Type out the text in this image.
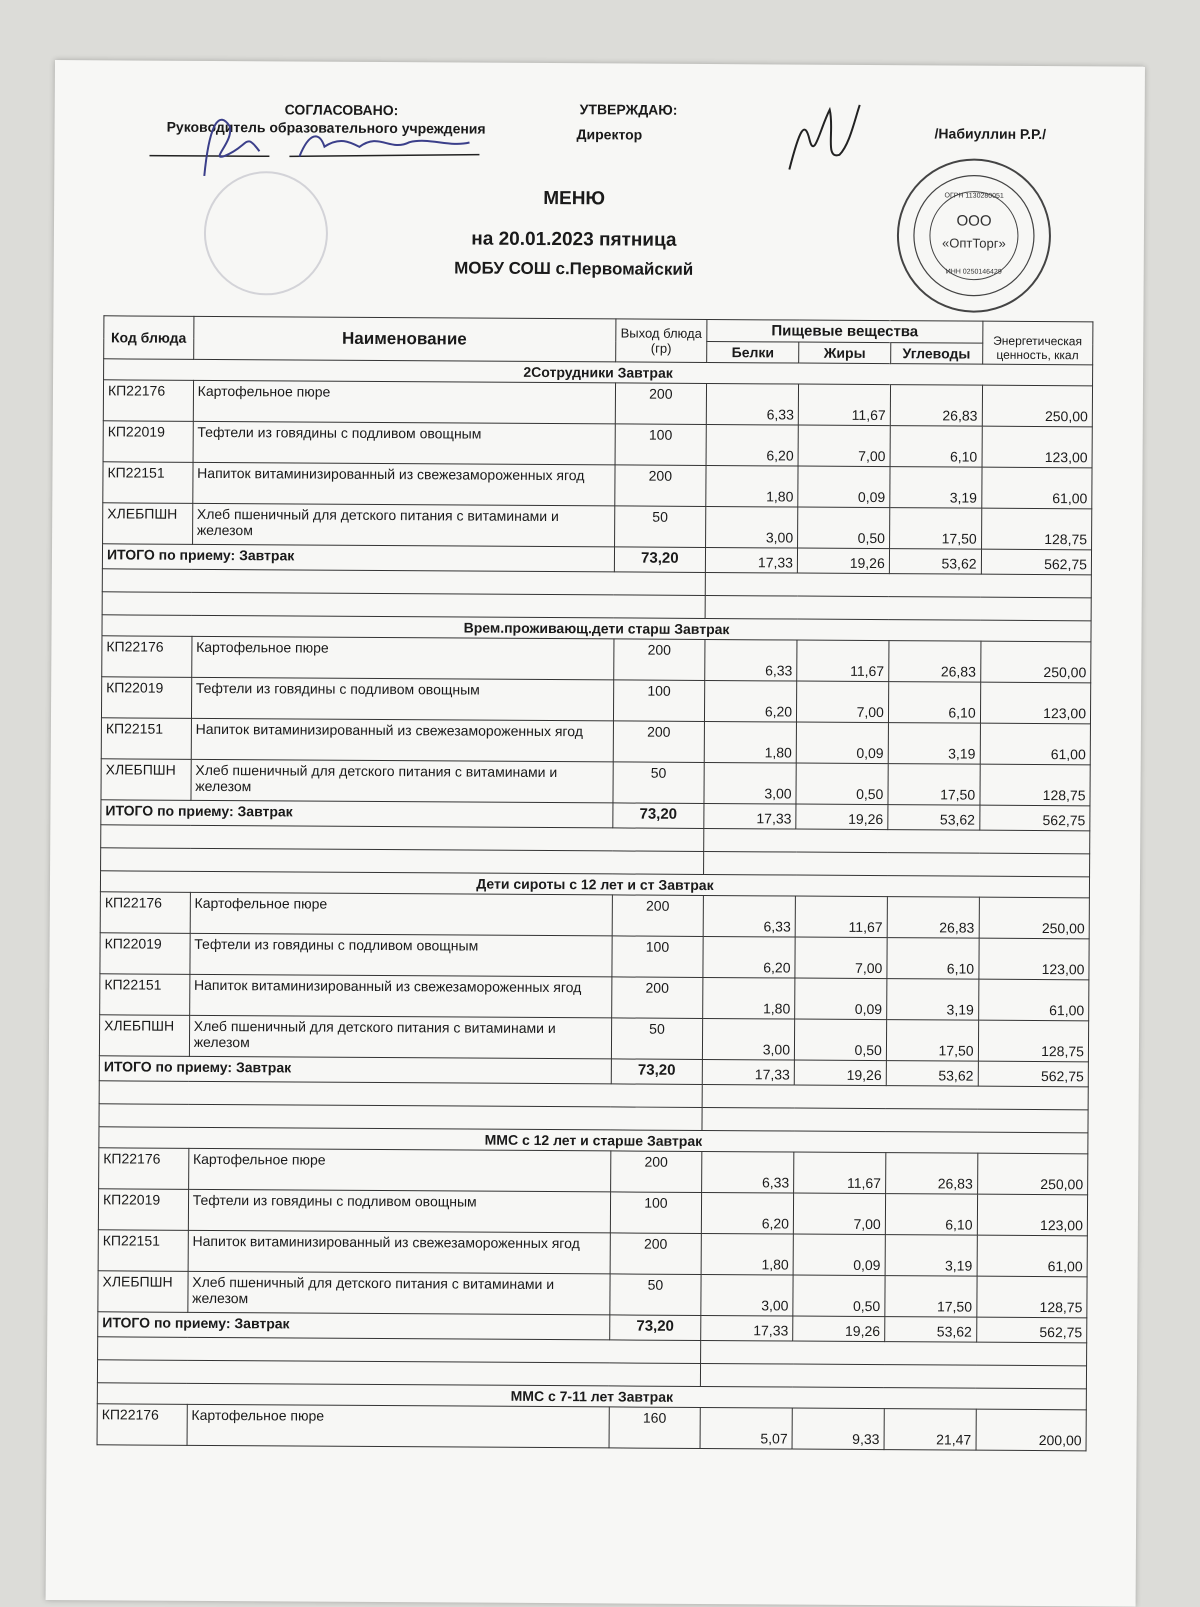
СОГЛАСОВАНО:
Руководитель образовательного учреждения
УТВЕРЖДАЮ:
Директор	/Набиуллин Р.Р./
ООО
«ОптТорг»
ИНН 0250146429
ОГРН 1130280051
МЕНЮ
на 20.01.2023 пятница
МОБУ СОШ с.Первомайский
Код блюда	Наименование	Выход блюда (гр)	Пищевые вещества			Энергетическая ценность, ккал
			Белки	Жиры	Углеводы	
2Сотрудники Завтрак						
КП22176	Картофельное пюре	200	6,33	11,67	26,83	250,00
КП22019	Тефтели из говядины с подливом овощным	100	6,20	7,00	6,10	123,00
КП22151	Напиток витаминизированный из свежезамороженных ягод	200	1,80	0,09	3,19	61,00
ХЛЕБПШН	Хлеб пшеничный для детского питания с витаминами и железом	50	3,00	0,50	17,50	128,75
ИТОГО по приему: Завтрак		73,20	17,33	19,26	53,62	562,75

Врем.проживающ.дети старш Завтрак						
КП22176	Картофельное пюре	200	6,33	11,67	26,83	250,00
КП22019	Тефтели из говядины с подливом овощным	100	6,20	7,00	6,10	123,00
КП22151	Напиток витаминизированный из свежезамороженных ягод	200	1,80	0,09	3,19	61,00
ХЛЕБПШН	Хлеб пшеничный для детского питания с витаминами и железом	50	3,00	0,50	17,50	128,75
ИТОГО по приему: Завтрак		73,20	17,33	19,26	53,62	562,75

Дети сироты с 12 лет и ст Завтрак						
КП22176	Картофельное пюре	200	6,33	11,67	26,83	250,00
КП22019	Тефтели из говядины с подливом овощным	100	6,20	7,00	6,10	123,00
КП22151	Напиток витаминизированный из свежезамороженных ягод	200	1,80	0,09	3,19	61,00
ХЛЕБПШН	Хлеб пшеничный для детского питания с витаминами и железом	50	3,00	0,50	17,50	128,75
ИТОГО по приему: Завтрак		73,20	17,33	19,26	53,62	562,75

ММС с 12 лет и старше Завтрак						
КП22176	Картофельное пюре	200	6,33	11,67	26,83	250,00
КП22019	Тефтели из говядины с подливом овощным	100	6,20	7,00	6,10	123,00
КП22151	Напиток витаминизированный из свежезамороженных ягод	200	1,80	0,09	3,19	61,00
ХЛЕБПШН	Хлеб пшеничный для детского питания с витаминами и железом	50	3,00	0,50	17,50	128,75
ИТОГО по приему: Завтрак		73,20	17,33	19,26	53,62	562,75

ММС с 7-11 лет Завтрак						
КП22176	Картофельное пюре	160	5,07	9,33	21,47	200,00
